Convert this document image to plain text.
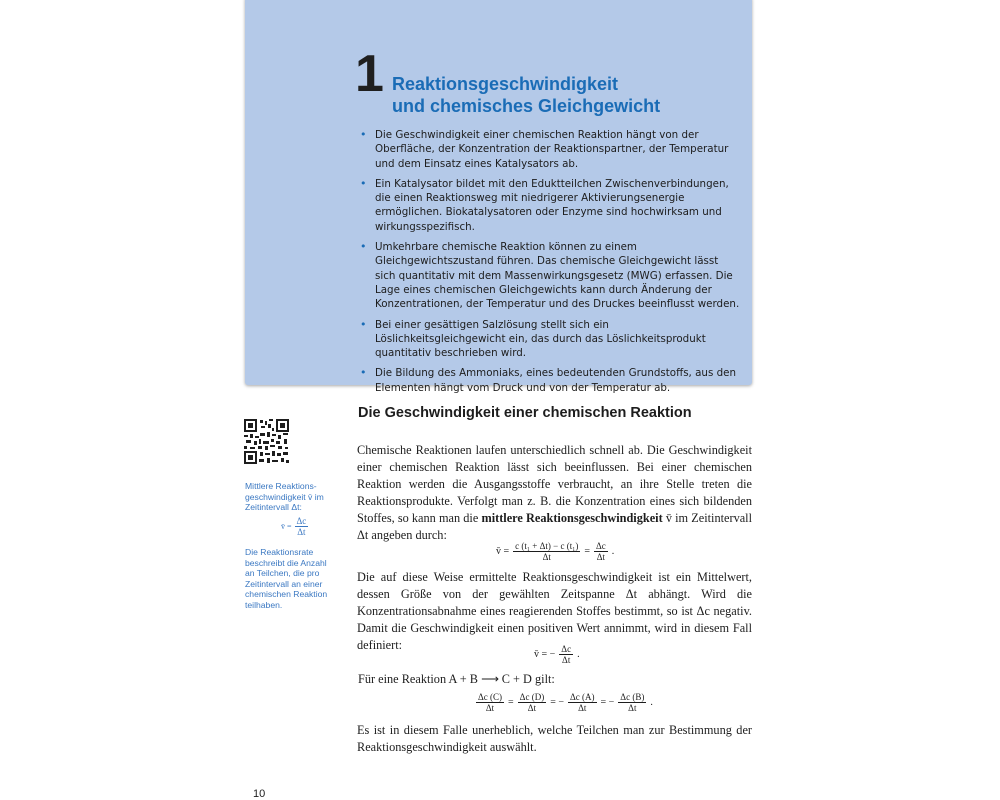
1 Reaktionsgeschwindigkeit
und chemisches Gleichgewicht
• Die Geschwindigkeit einer chemischen Reaktion hängt von der Oberfläche, der Konzentration der Reaktionspartner, der Temperatur und dem Einsatz eines Katalysators ab.
• Ein Katalysator bildet mit den Eduktteilchen Zwischenverbindungen, die einen Reaktionsweg mit niedrigerer Aktivierungsenergie ermöglichen. Biokatalysatoren oder Enzyme sind hochwirksam und wirkungsspezifisch.
• Umkehrbare chemische Reaktion können zu einem Gleichgewichtszustand führen. Das chemische Gleichgewicht lässt sich quantitativ mit dem Massenwirkungsgesetz (MWG) erfassen. Die Lage eines chemischen Gleichgewichts kann durch Änderung der Konzentrationen, der Temperatur und des Druckes beeinflusst werden.
• Bei einer gesättigen Salzlösung stellt sich ein Löslichkeitsgleichgewicht ein, das durch das Löslichkeitsprodukt quantitativ beschrieben wird.
• Die Bildung des Ammoniaks, eines bedeutenden Grundstoffs, aus den Elementen hängt vom Druck und von der Temperatur ab.
Mittlere Reaktions-geschwindigkeit v̄ im Zeitintervall Δt:
v̄ = $\frac{\Delta c}{\Delta t}$
Die Reaktionsrate beschreibt die Anzahl an Teilchen, die pro Zeitintervall an einer chemischen Reaktion teilhaben.
Die Geschwindigkeit einer chemischen Reaktion
Chemische Reaktionen laufen unterschiedlich schnell ab. Die Geschwindigkeit einer chemischen Reaktion lässt sich beeinflussen. Bei einer chemischen Reaktion werden die Ausgangsstoffe verbraucht, an ihre Stelle treten die Reaktionsprodukte. Verfolgt man z. B. die Konzentration eines sich bildenden Stoffes, so kann man die mittlere Reaktionsgeschwindigkeit v̄ im Zeitintervall Δt angeben durch:
v̄ = $\frac{\text{c (t₁ + Δt) − c (t₁)}}{\Delta t} = \frac{\Delta c}{\Delta t}$ .
Die auf diese Weise ermittelte Reaktionsgeschwindigkeit ist ein Mittelwert, dessen Größe von der gewählten Zeitspanne Δt abhängt. Wird die Konzentrationsabnahme eines reagierenden Stoffes bestimmt, so ist Δc negativ. Damit die Geschwindigkeit einen positiven Wert annimmt, wird in diesem Fall definiert:
v̄ = − $\frac{\Delta c}{\Delta t}$ .
Für eine Reaktion A + B ⟶ C + D gilt:
$\frac{\Delta c (C)}{\Delta t} = \frac{\Delta c (D)}{\Delta t}$ = − $\frac{\Delta c (A)}{\Delta t}$ = − $\frac{\Delta c (B)}{\Delta t}$ .
Es ist in diesem Falle unerheblich, welche Teilchen man zur Bestimmung der Reaktionsgeschwindigkeit auswählt.
10
